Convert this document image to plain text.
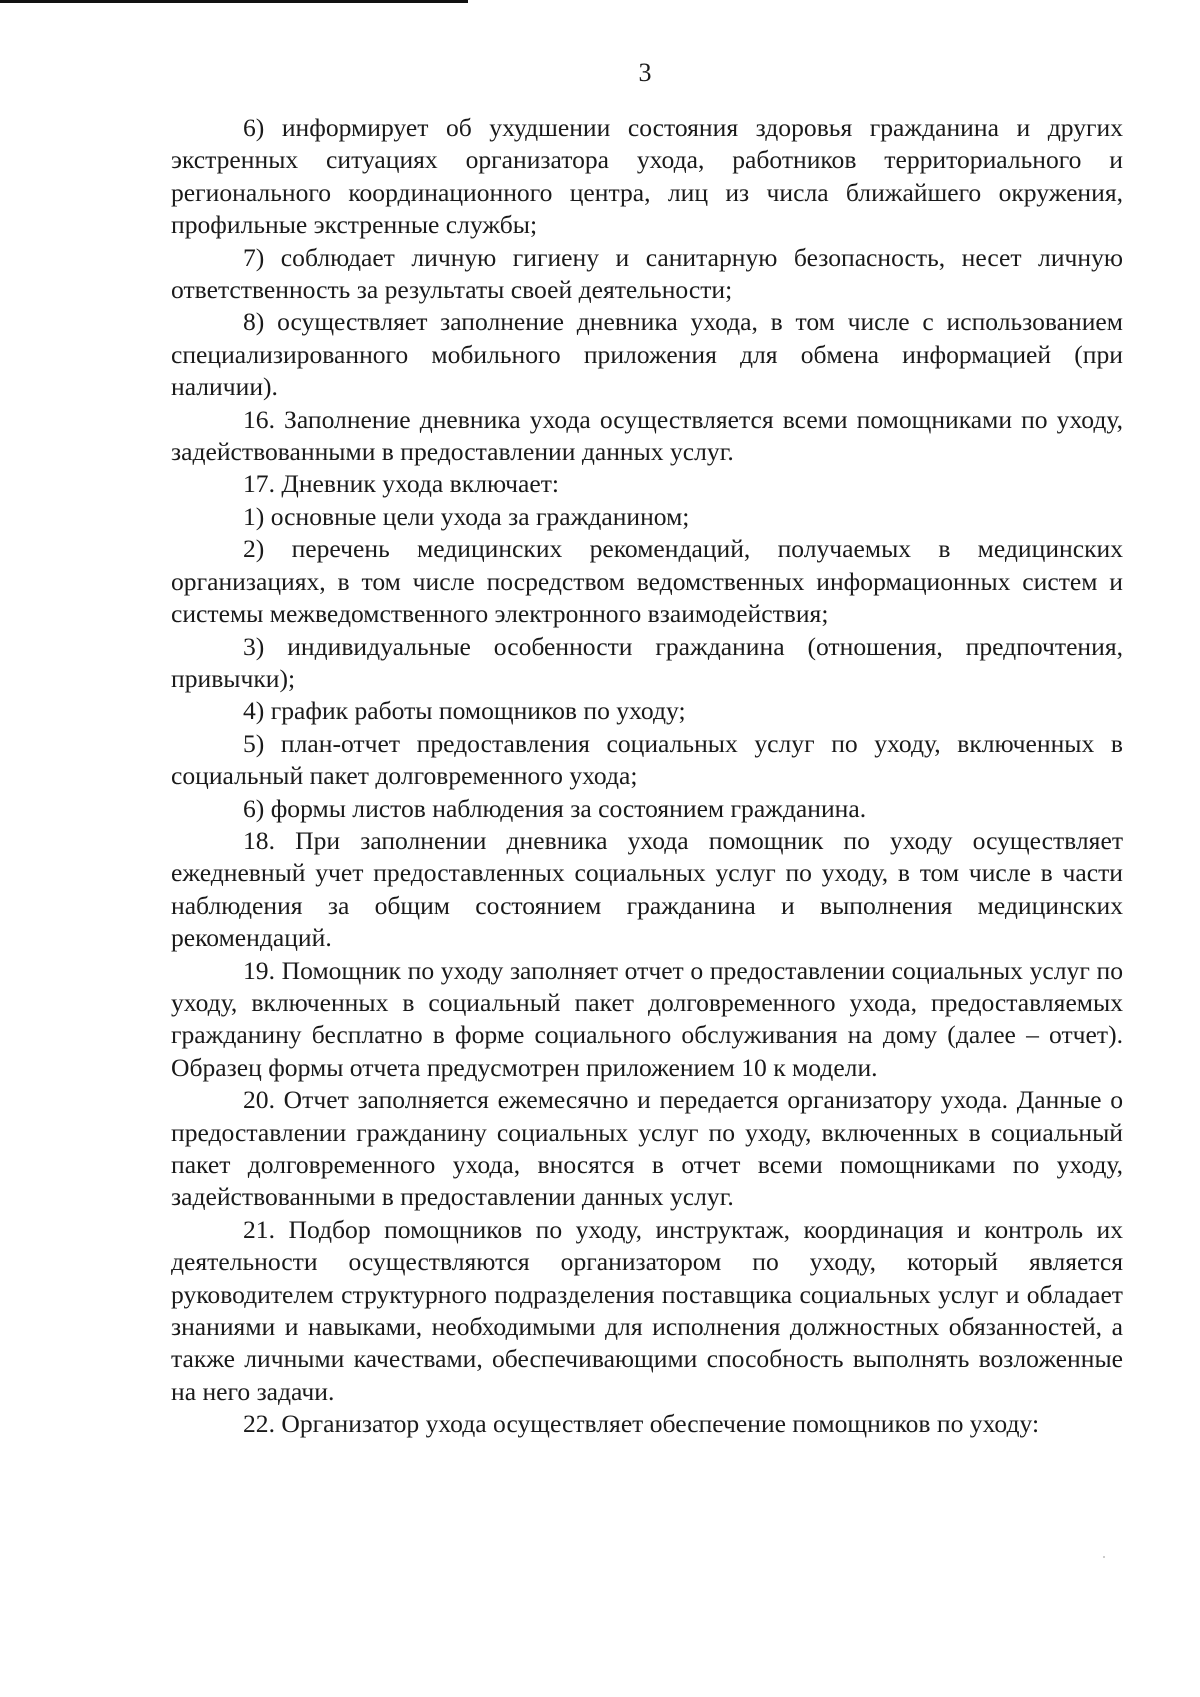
3

6) информирует об ухудшении состояния здоровья гражданина и других экстренных ситуациях организатора ухода, работников территориального и регионального координационного центра, лиц из числа ближайшего окружения, профильные экстренные службы;

7) соблюдает личную гигиену и санитарную безопасность, несет личную ответственность за результаты своей деятельности;

8) осуществляет заполнение дневника ухода, в том числе с использованием специализированного мобильного приложения для обмена информацией (при наличии).

16. Заполнение дневника ухода осуществляется всеми помощниками по уходу, задействованными в предоставлении данных услуг.

17. Дневник ухода включает:

1) основные цели ухода за гражданином;

2) перечень медицинских рекомендаций, получаемых в медицинских организациях, в том числе посредством ведомственных информационных систем и системы межведомственного электронного взаимодействия;

3) индивидуальные особенности гражданина (отношения, предпочтения, привычки);

4) график работы помощников по уходу;

5) план-отчет предоставления социальных услуг по уходу, включенных в социальный пакет долговременного ухода;

6) формы листов наблюдения за состоянием гражданина.

18. При заполнении дневника ухода помощник по уходу осуществляет ежедневный учет предоставленных социальных услуг по уходу, в том числе в части наблюдения за общим состоянием гражданина и выполнения медицинских рекомендаций.

19. Помощник по уходу заполняет отчет о предоставлении социальных услуг по уходу, включенных в социальный пакет долговременного ухода, предоставляемых гражданину бесплатно в форме социального обслуживания на дому (далее – отчет). Образец формы отчета предусмотрен приложением 10 к модели.

20. Отчет заполняется ежемесячно и передается организатору ухода. Данные о предоставлении гражданину социальных услуг по уходу, включенных в социальный пакет долговременного ухода, вносятся в отчет всеми помощниками по уходу, задействованными в предоставлении данных услуг.

21. Подбор помощников по уходу, инструктаж, координация и контроль их деятельности осуществляются организатором по уходу, который является руководителем структурного подразделения поставщика социальных услуг и обладает знаниями и навыками, необходимыми для исполнения должностных обязанностей, а также личными качествами, обеспечивающими способность выполнять возложенные на него задачи.

22. Организатор ухода осуществляет обеспечение помощников по уходу:
